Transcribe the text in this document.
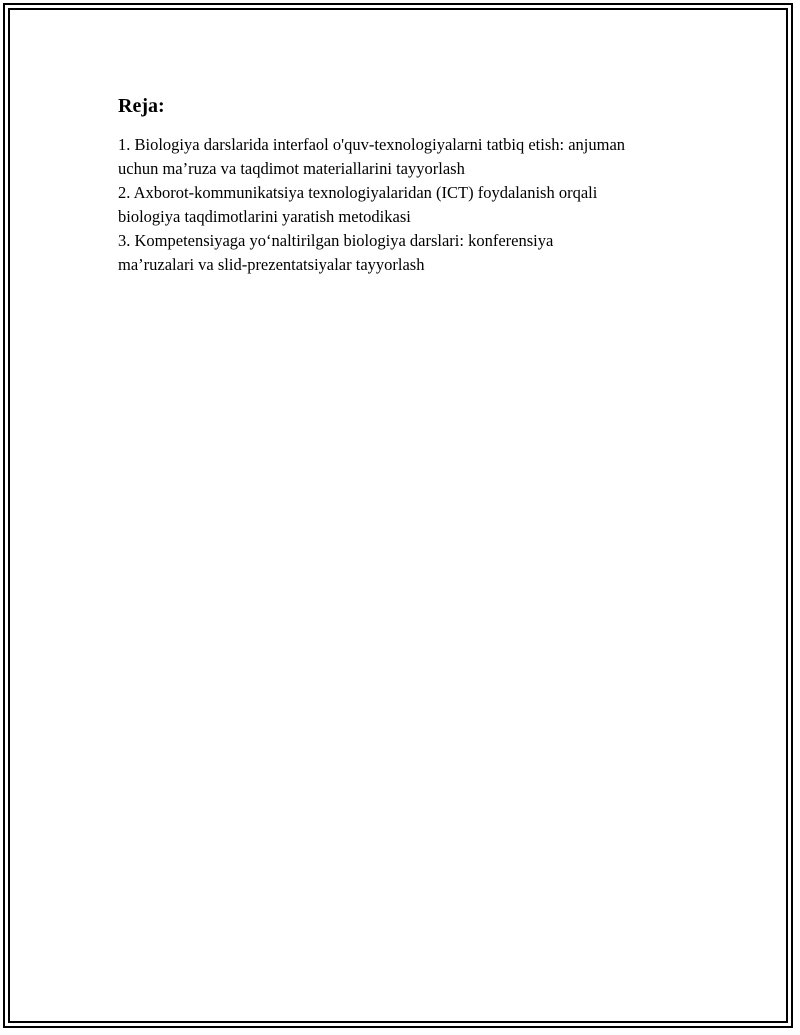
Reja:
1. Biologiya darslarida interfaol o'quv-texnologiyalarni tatbiq etish: anjuman
uchun ma’ruza va taqdimot materiallarini tayyorlash
2. Axborot-kommunikatsiya texnologiyalaridan (ICT) foydalanish orqali
biologiya taqdimotlarini yaratish metodikasi
3. Kompetensiyaga yo‘naltirilgan biologiya darslari: konferensiya
ma’ruzalari va slid-prezentatsiyalar tayyorlash
